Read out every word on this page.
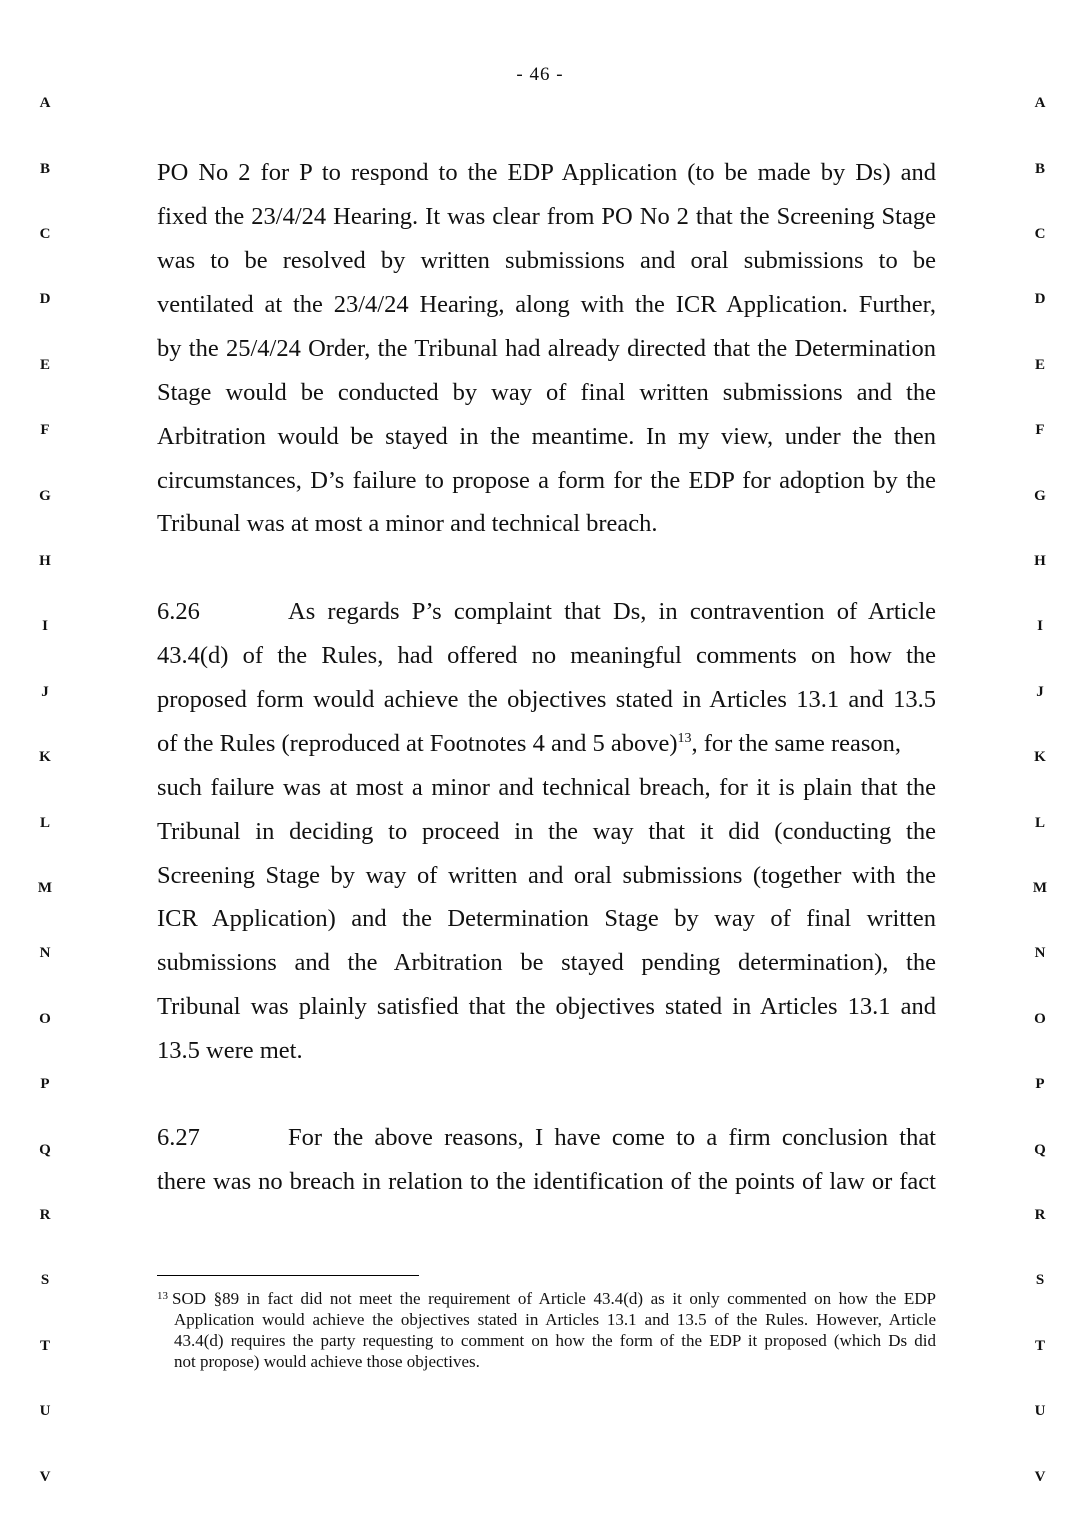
- 46 -
A
B
C
D
E
F
G
H
I
J
K
L
M
N
O
P
Q
R
S
T
U
V
A
B
C
D
E
F
G
H
I
J
K
L
M
N
O
P
Q
R
S
T
U
V
PO No 2 for P to respond to the EDP Application (to be made by Ds) and
fixed the 23/4/24 Hearing. It was clear from PO No 2 that the Screening Stage
was to be resolved by written submissions and oral submissions to be
ventilated at the 23/4/24 Hearing, along with the ICR Application. Further,
by the 25/4/24 Order, the Tribunal had already directed that the Determination
Stage would be conducted by way of final written submissions and the
Arbitration would be stayed in the meantime. In my view, under the then
circumstances, D’s failure to propose a form for the EDP for adoption by the
Tribunal was at most a minor and technical breach.
6.26	As regards P’s complaint that Ds, in contravention of Article
43.4(d) of the Rules, had offered no meaningful comments on how the
proposed form would achieve the objectives stated in Articles 13.1 and 13.5
of the Rules (reproduced at Footnotes 4 and 5 above)$^{13}$, for the same reason,
such failure was at most a minor and technical breach, for it is plain that the
Tribunal in deciding to proceed in the way that it did (conducting the
Screening Stage by way of written and oral submissions (together with the
ICR Application) and the Determination Stage by way of final written
submissions and the Arbitration be stayed pending determination), the
Tribunal was plainly satisfied that the objectives stated in Articles 13.1 and
13.5 were met.
6.27	For the above reasons, I have come to a firm conclusion that
there was no breach in relation to the identification of the points of law or fact
$^{13}$ SOD §89 in fact did not meet the requirement of Article 43.4(d) as it only commented on how the EDP
Application would achieve the objectives stated in Articles 13.1 and 13.5 of the Rules. However, Article
43.4(d) requires the party requesting to comment on how the form of the EDP it proposed (which Ds did
not propose) would achieve those objectives.
